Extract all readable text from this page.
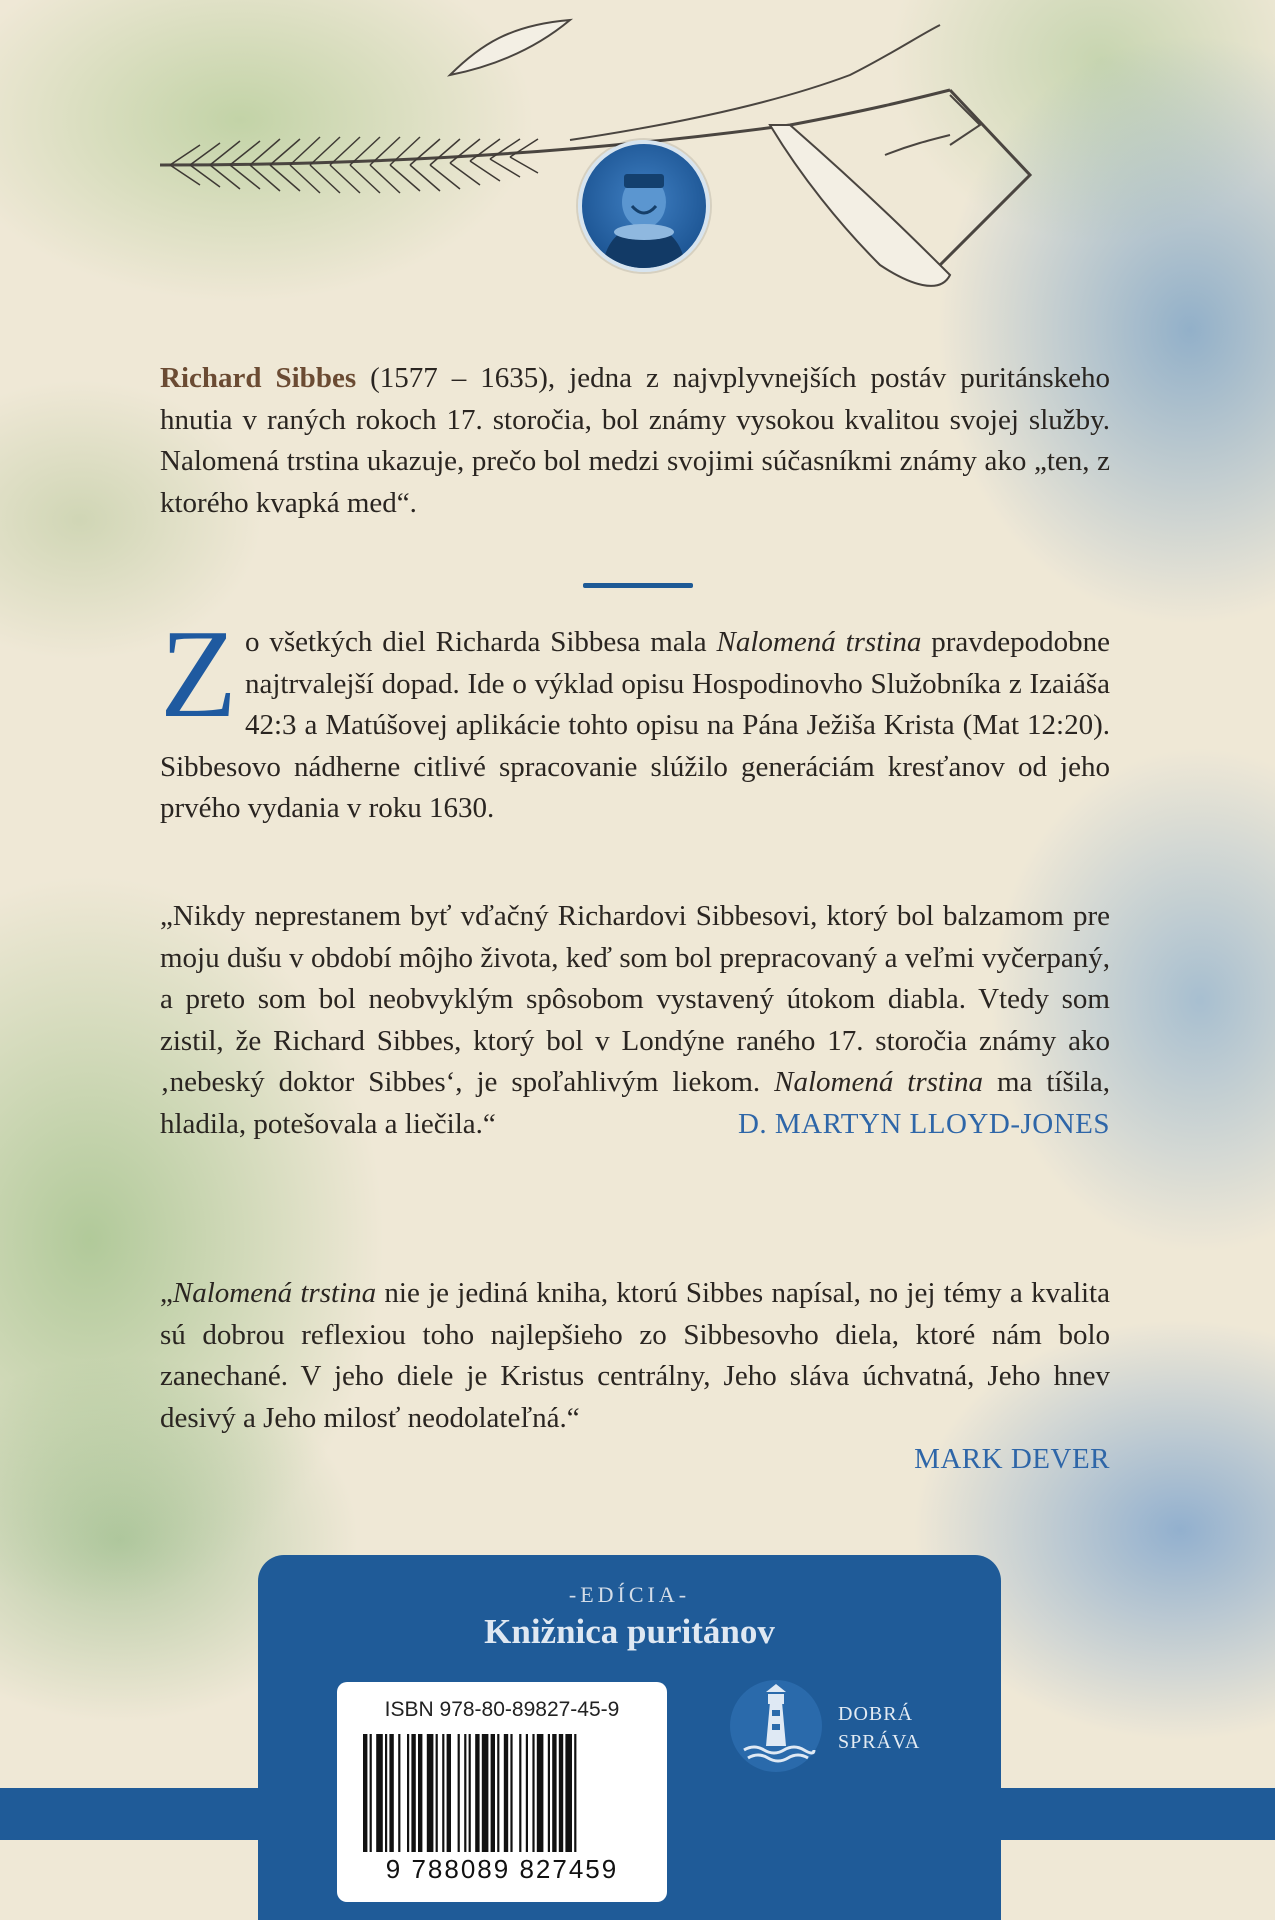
Richard Sibbes (1577 – 1635), jedna z najvplyvnejších postáv puritánskeho hnutia v raných rokoch 17. storočia, bol známy vysokou kvalitou svojej služby. Nalomená trstina ukazuje, prečo bol medzi svojimi súčasníkmi známy ako „ten, z ktorého kvapká med“.
Zo všetkých diel Richarda Sibbesa mala Nalomená trstina pravdepodobne najtrvalejší dopad. Ide o výklad opisu Hospodinovho Služobníka z Izaiáša 42:3 a Matúšovej aplikácie tohto opisu na Pána Ježiša Krista (Mat 12:20). Sibbesovo nádherne citlivé spracovanie slúžilo generáciám kresťanov od jeho prvého vydania v roku 1630.
„Nikdy neprestanem byť vďačný Richardovi Sibbesovi, ktorý bol balzamom pre moju dušu v období môjho života, keď som bol prepracovaný a veľmi vyčerpaný, a preto som bol neobvyklým spôsobom vystavený útokom diabla. Vtedy som zistil, že Richard Sibbes, ktorý bol v Londýne raného 17. storočia známy ako ‚nebeský doktor Sibbes‘, je spoľahlivým liekom. Nalomená trstina ma tíšila, hladila, potešovala a liečila.“	D. MARTYN LLOYD-JONES
„Nalomená trstina nie je jediná kniha, ktorú Sibbes napísal, no jej témy a kvalita sú dobrou reflexiou toho najlepšieho zo Sibbesovho diela, ktoré nám bolo zanechané. V jeho diele je Kristus centrálny, Jeho sláva úchvatná, Jeho hnev desivý a Jeho milosť neodolateľná.“
MARK DEVER
-EDÍCIA-
Knižnica puritánov
ISBN 978-80-89827-45-9
9 788089 827459
DOBRÁ
SPRÁVA
